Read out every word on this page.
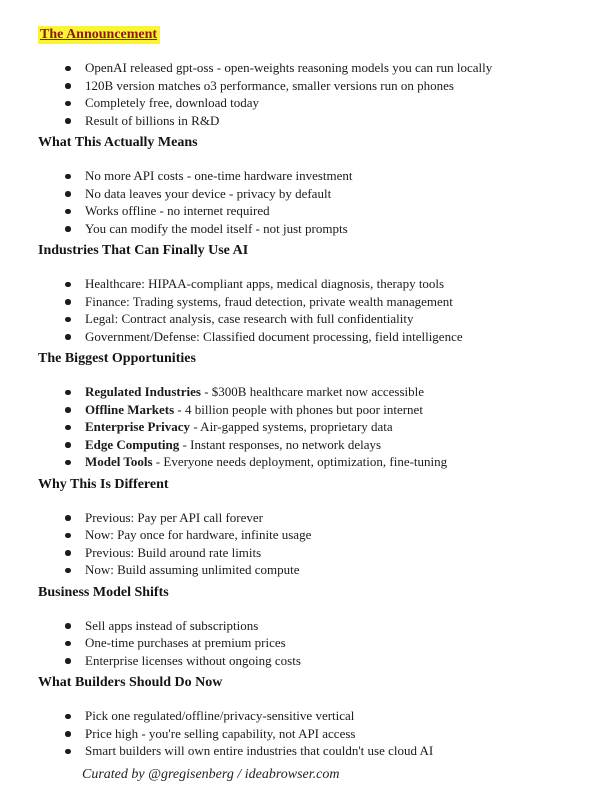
The Announcement
OpenAI released gpt-oss - open-weights reasoning models you can run locally
120B version matches o3 performance, smaller versions run on phones
Completely free, download today
Result of billions in R&D
What This Actually Means
No more API costs - one-time hardware investment
No data leaves your device - privacy by default
Works offline - no internet required
You can modify the model itself - not just prompts
Industries That Can Finally Use AI
Healthcare: HIPAA-compliant apps, medical diagnosis, therapy tools
Finance: Trading systems, fraud detection, private wealth management
Legal: Contract analysis, case research with full confidentiality
Government/Defense: Classified document processing, field intelligence
The Biggest Opportunities
Regulated Industries - $300B healthcare market now accessible
Offline Markets - 4 billion people with phones but poor internet
Enterprise Privacy - Air-gapped systems, proprietary data
Edge Computing - Instant responses, no network delays
Model Tools - Everyone needs deployment, optimization, fine-tuning
Why This Is Different
Previous: Pay per API call forever
Now: Pay once for hardware, infinite usage
Previous: Build around rate limits
Now: Build assuming unlimited compute
Business Model Shifts
Sell apps instead of subscriptions
One-time purchases at premium prices
Enterprise licenses without ongoing costs
What Builders Should Do Now
Pick one regulated/offline/privacy-sensitive vertical
Price high - you're selling capability, not API access
Smart builders will own entire industries that couldn't use cloud AI

Curated by @gregisenberg / ideabrowser.com
